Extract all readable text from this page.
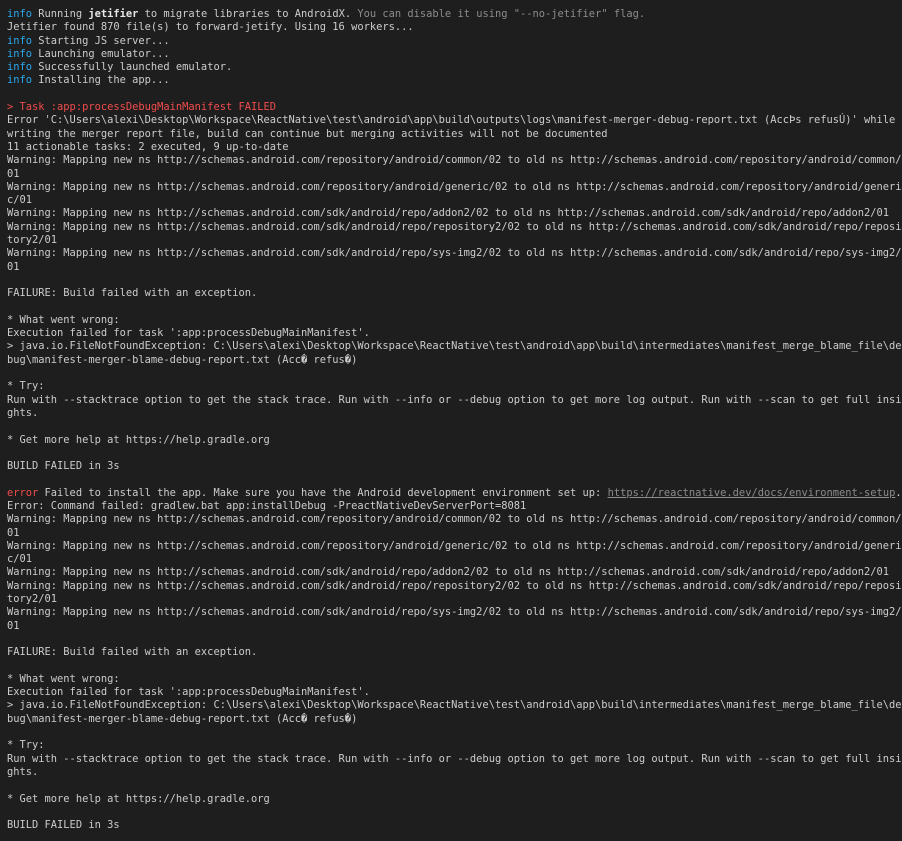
info Running jetifier to migrate libraries to AndroidX. You can disable it using "--no-jetifier" flag.
Jetifier found 870 file(s) to forward-jetify. Using 16 workers...
info Starting JS server...
info Launching emulator...
info Successfully launched emulator.
info Installing the app...
> Task :app:processDebugMainManifest FAILED
Error 'C:\Users\alexi\Desktop\Workspace\ReactNative\test\android\app\build\outputs\logs\manifest-merger-debug-report.txt (AccÞs refusÚ)' while
writing the merger report file, build can continue but merging activities will not be documented
11 actionable tasks: 2 executed, 9 up-to-date
Warning: Mapping new ns http://schemas.android.com/repository/android/common/02 to old ns http://schemas.android.com/repository/android/common/
01
Warning: Mapping new ns http://schemas.android.com/repository/android/generic/02 to old ns http://schemas.android.com/repository/android/generi
c/01
Warning: Mapping new ns http://schemas.android.com/sdk/android/repo/addon2/02 to old ns http://schemas.android.com/sdk/android/repo/addon2/01
Warning: Mapping new ns http://schemas.android.com/sdk/android/repo/repository2/02 to old ns http://schemas.android.com/sdk/android/repo/reposi
tory2/01
Warning: Mapping new ns http://schemas.android.com/sdk/android/repo/sys-img2/02 to old ns http://schemas.android.com/sdk/android/repo/sys-img2/
01
FAILURE: Build failed with an exception.
* What went wrong:
Execution failed for task ':app:processDebugMainManifest'.
> java.io.FileNotFoundException: C:\Users\alexi\Desktop\Workspace\ReactNative\test\android\app\build\intermediates\manifest_merge_blame_file\de
bug\manifest-merger-blame-debug-report.txt (Acc� refus�)
* Try:
Run with --stacktrace option to get the stack trace. Run with --info or --debug option to get more log output. Run with --scan to get full insi
ghts.
* Get more help at https://help.gradle.org
BUILD FAILED in 3s
error Failed to install the app. Make sure you have the Android development environment set up: https://reactnative.dev/docs/environment-setup.
Error: Command failed: gradlew.bat app:installDebug -PreactNativeDevServerPort=8081
Warning: Mapping new ns http://schemas.android.com/repository/android/common/02 to old ns http://schemas.android.com/repository/android/common/
01
Warning: Mapping new ns http://schemas.android.com/repository/android/generic/02 to old ns http://schemas.android.com/repository/android/generi
c/01
Warning: Mapping new ns http://schemas.android.com/sdk/android/repo/addon2/02 to old ns http://schemas.android.com/sdk/android/repo/addon2/01
Warning: Mapping new ns http://schemas.android.com/sdk/android/repo/repository2/02 to old ns http://schemas.android.com/sdk/android/repo/reposi
tory2/01
Warning: Mapping new ns http://schemas.android.com/sdk/android/repo/sys-img2/02 to old ns http://schemas.android.com/sdk/android/repo/sys-img2/
01
FAILURE: Build failed with an exception.
* What went wrong:
Execution failed for task ':app:processDebugMainManifest'.
> java.io.FileNotFoundException: C:\Users\alexi\Desktop\Workspace\ReactNative\test\android\app\build\intermediates\manifest_merge_blame_file\de
bug\manifest-merger-blame-debug-report.txt (Acc� refus�)
* Try:
Run with --stacktrace option to get the stack trace. Run with --info or --debug option to get more log output. Run with --scan to get full insi
ghts.
* Get more help at https://help.gradle.org
BUILD FAILED in 3s
